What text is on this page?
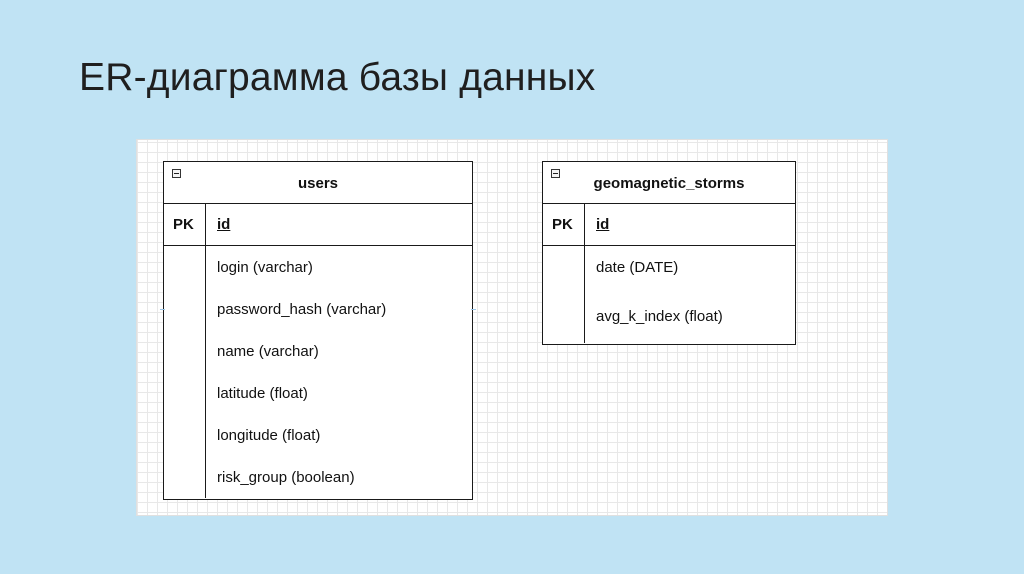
ER-диаграмма базы данных
users
PK	id
login (varchar)
password_hash (varchar)
name (varchar)
latitude (float)
longitude (float)
risk_group (boolean)
geomagnetic_storms
PK	id
date (DATE)
avg_k_index (float)
